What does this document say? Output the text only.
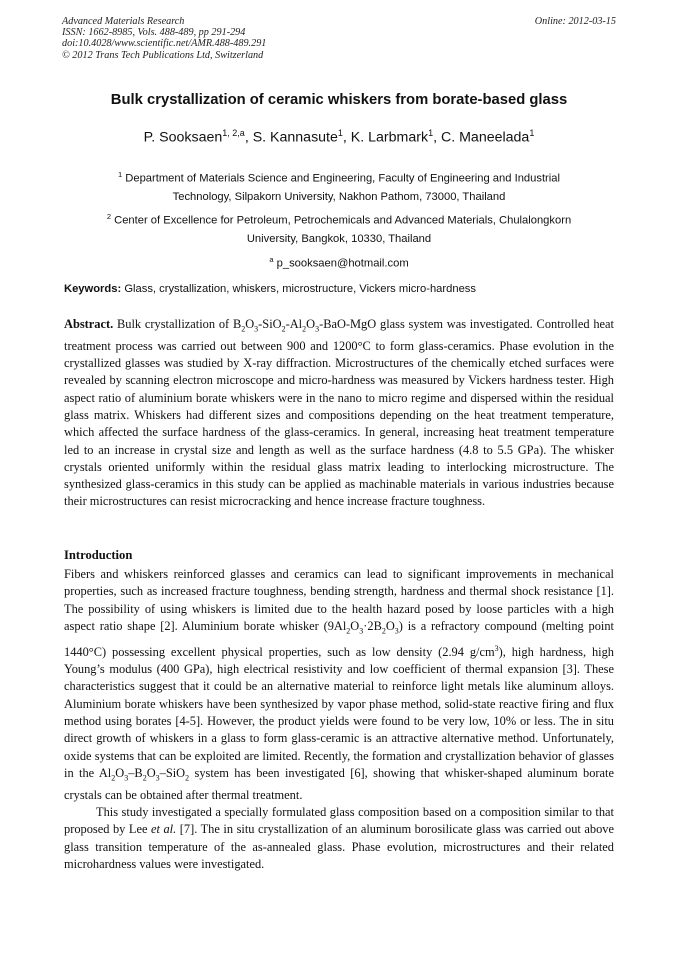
Advanced Materials Research
ISSN: 1662-8985, Vols. 488-489, pp 291-294
doi:10.4028/www.scientific.net/AMR.488-489.291
© 2012 Trans Tech Publications Ltd, Switzerland
Online: 2012-03-15
Bulk crystallization of ceramic whiskers from borate-based glass
P. Sooksaen$^{1, 2,a}$, S. Kannasute$^1$, K. Larbmark$^1$, C. Maneelada$^1$
$^1$ Department of Materials Science and Engineering, Faculty of Engineering and Industrial
Technology, Silpakorn University, Nakhon Pathom, 73000, Thailand
$^2$ Center of Excellence for Petroleum, Petrochemicals and Advanced Materials, Chulalongkorn
University, Bangkok, 10330, Thailand
$^a$ p_sooksaen@hotmail.com
Keywords: Glass, crystallization, whiskers, microstructure, Vickers micro-hardness
Abstract. Bulk crystallization of $B_2O_3-SiO_2-Al_2O_3-BaO$-MgO glass system was investigated. Controlled heat treatment process was carried out between 900 and 1200°C to form glass-ceramics. Phase evolution in the crystallized glasses was studied by X-ray diffraction. Microstructures of the chemically etched surfaces were revealed by scanning electron microscope and micro-hardness was measured by Vickers hardness tester. High aspect ratio of aluminium borate whiskers were in the nano to micro regime and dispersed within the residual glass matrix. Whiskers had different sizes and compositions depending on the heat treatment temperature, which affected the surface hardness of the glass-ceramics. In general, increasing heat treatment temperature led to an increase in crystal size and length as well as the surface hardness (4.8 to 5.5 GPa). The whisker crystals oriented uniformly within the residual glass matrix leading to interlocking microstructure. The synthesized glass-ceramics in this study can be applied as machinable materials in various industries because their microstructures can resist microcracking and hence increase fracture toughness.
Introduction

Fibers and whiskers reinforced glasses and ceramics can lead to significant improvements in mechanical properties, such as increased fracture toughness, bending strength, hardness and thermal shock resistance [1]. The possibility of using whiskers is limited due to the health hazard posed by loose particles with a high aspect ratio shape [2]. Aluminium borate whisker $(9Al_2O_3\cdot 2B_2O_3)$ is a refractory compound (melting point 1440°C) possessing excellent physical properties, such as low density (2.94 $g/cm^3$), high hardness, high Young’s modulus (400 GPa), high electrical resistivity and low coefficient of thermal expansion [3]. These characteristics suggest that it could be an alternative material to reinforce light metals like aluminum alloys. Aluminium borate whiskers have been synthesized by vapor phase method, solid-state reactive firing and flux method using borates [4-5]. However, the product yields were found to be very low, 10% or less. The in situ direct growth of whiskers in a glass to form glass-ceramic is an attractive alternative method. Unfortunately, oxide systems that can be exploited are limited. Recently, the formation and crystallization behavior of glasses in the $Al_2O_3-B_2O_3-SiO_2$ system has been investigated [6], showing that whisker-shaped aluminum borate crystals can be obtained after thermal treatment.

This study investigated a specially formulated glass composition based on a composition similar to that proposed by Lee et al. [7]. The in situ crystallization of an aluminum borosilicate glass was carried out above glass transition temperature of the as-annealed glass. Phase evolution, microstructures and their related microhardness values were investigated.
